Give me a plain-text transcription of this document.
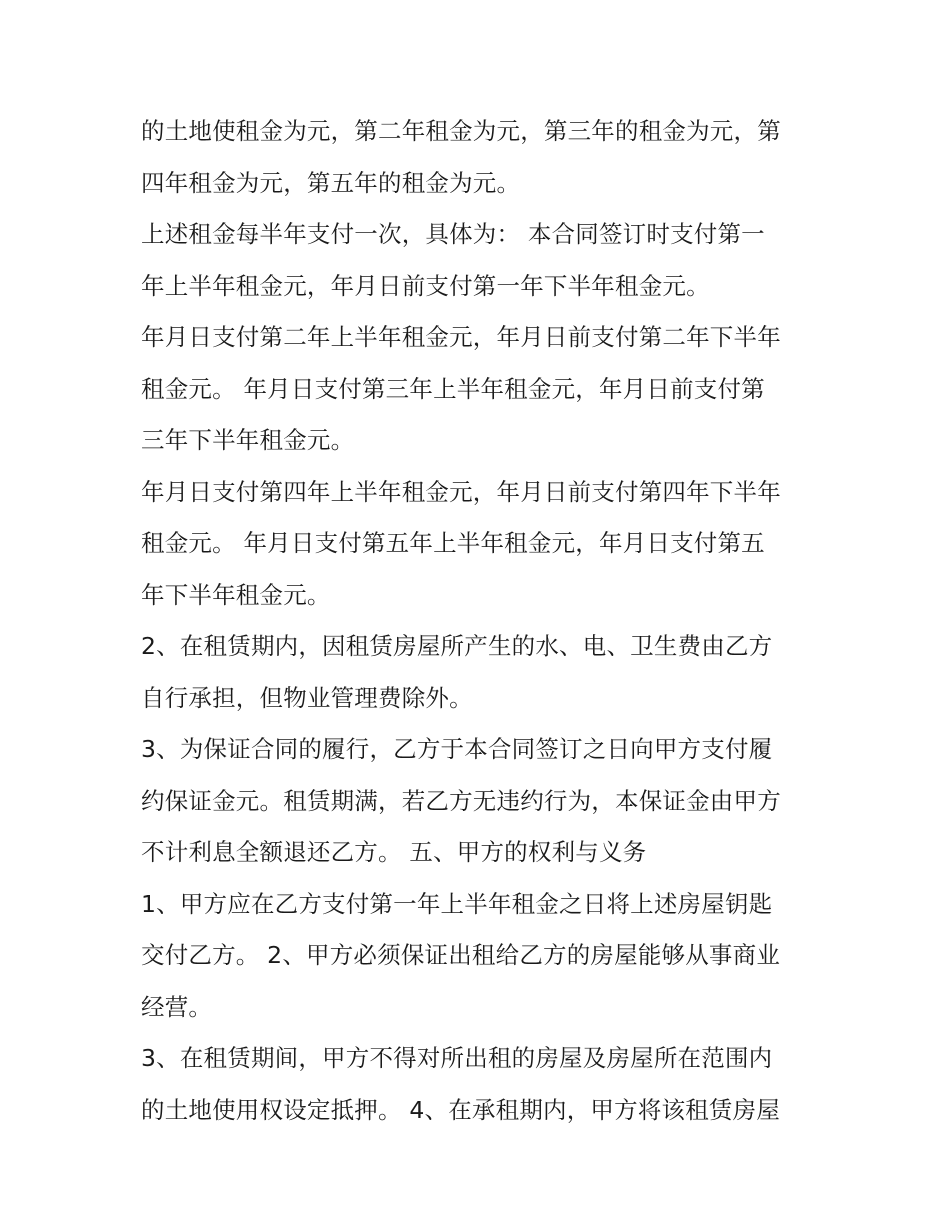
的土地使租金为元，第二年租金为元，第三年的租金为元，第
四年租金为元，第五年的租金为元。
上述租金每半年支付一次，具体为： 本合同签订时支付第一
年上半年租金元，年月日前支付第一年下半年租金元。
年月日支付第二年上半年租金元，年月日前支付第二年下半年
租金元。 年月日支付第三年上半年租金元，年月日前支付第
三年下半年租金元。
年月日支付第四年上半年租金元，年月日前支付第四年下半年
租金元。 年月日支付第五年上半年租金元，年月日支付第五
年下半年租金元。
2、在租赁期内，因租赁房屋所产生的水、电、卫生费由乙方
自行承担，但物业管理费除外。
3、为保证合同的履行，乙方于本合同签订之日向甲方支付履
约保证金元。租赁期满，若乙方无违约行为，本保证金由甲方
不计利息全额退还乙方。 五、甲方的权利与义务
1、甲方应在乙方支付第一年上半年租金之日将上述房屋钥匙
交付乙方。 2、甲方必须保证出租给乙方的房屋能够从事商业
经营。
3、在租赁期间，甲方不得对所出租的房屋及房屋所在范围内
的土地使用权设定抵押。 4、在承租期内，甲方将该租赁房屋
